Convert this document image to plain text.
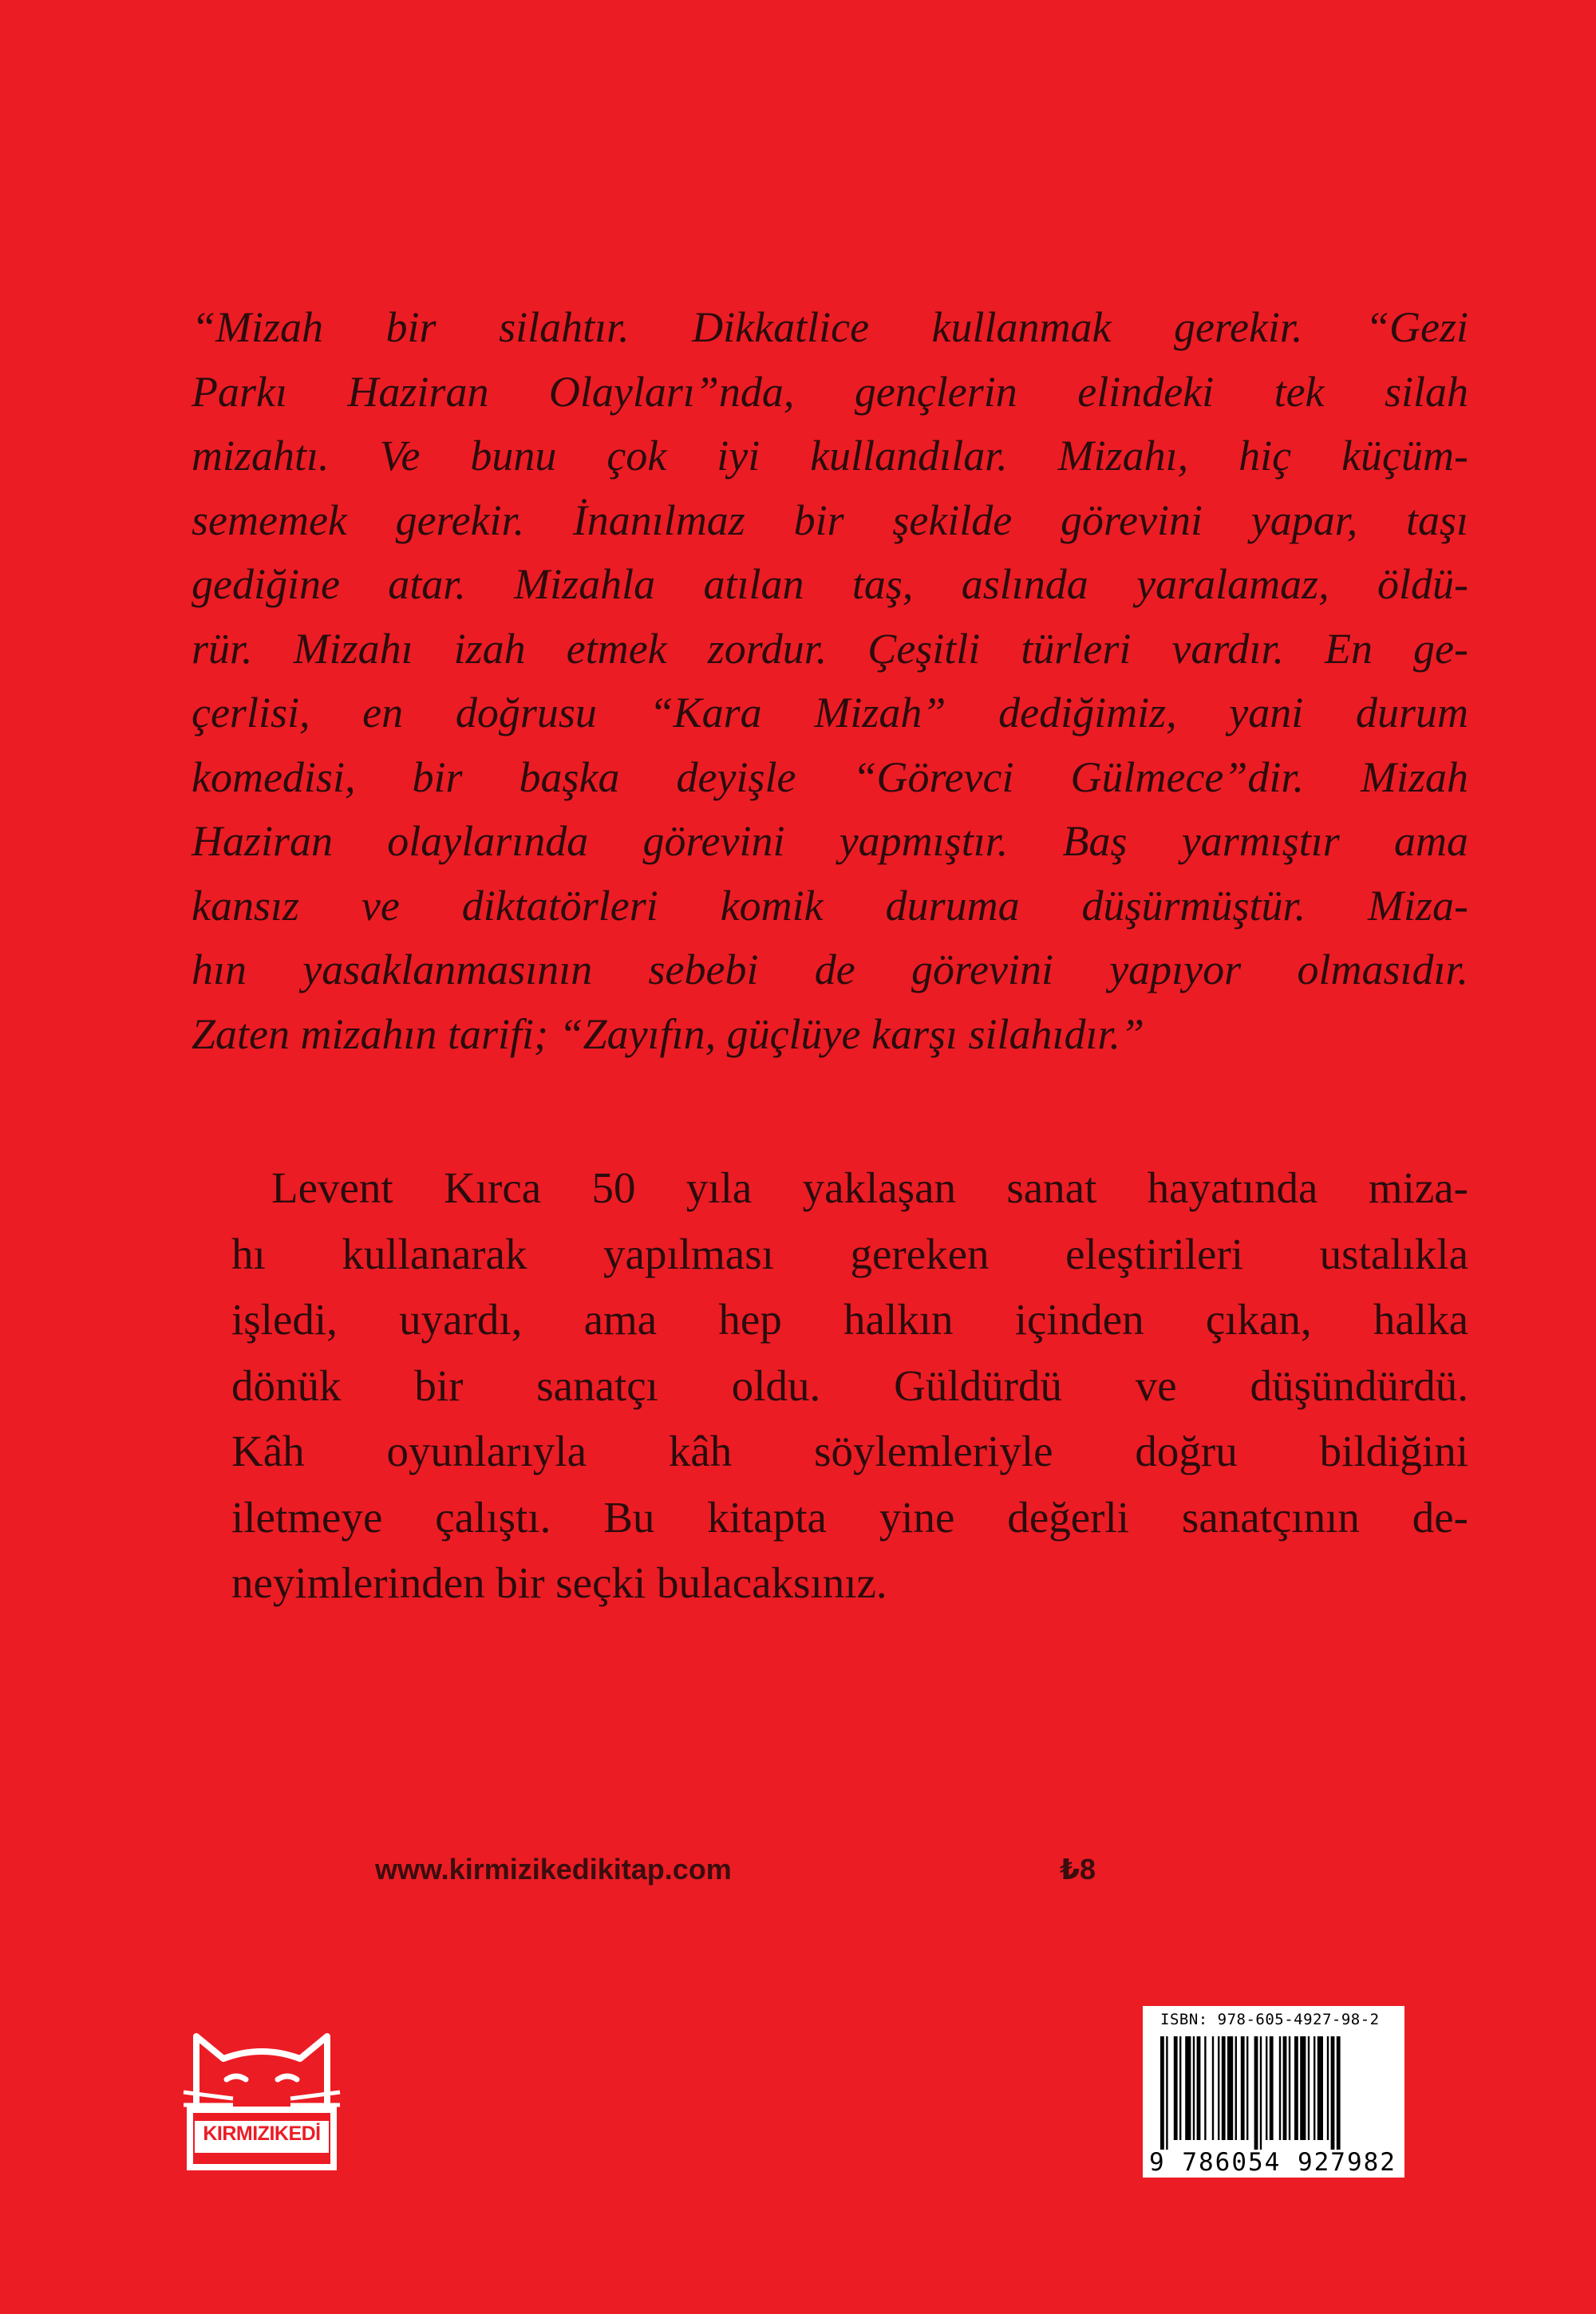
“Mizah bir silahtır. Dikkatlice kullanmak gerekir. “Gezi
Parkı Haziran Olayları”nda, gençlerin elindeki tek silah
mizahtı. Ve bunu çok iyi kullandılar. Mizahı, hiç küçüm-
sememek gerekir. İnanılmaz bir şekilde görevini yapar, taşı
gediğine atar. Mizahla atılan taş, aslında yaralamaz, öldü-
rür. Mizahı izah etmek zordur. Çeşitli türleri vardır. En ge-
çerlisi, en doğrusu “Kara Mizah” dediğimiz, yani durum
komedisi, bir başka deyişle “Görevci Gülmece”dir. Mizah
Haziran olaylarında görevini yapmıştır. Baş yarmıştır ama
kansız ve diktatörleri komik duruma düşürmüştür. Miza-
hın yasaklanmasının sebebi de görevini yapıyor olmasıdır.
Zaten mizahın tarifi; “Zayıfın, güçlüye karşı silahıdır.”
Levent Kırca 50 yıla yaklaşan sanat hayatında miza-
hı kullanarak yapılması gereken eleştirileri ustalıkla
işledi, uyardı, ama hep halkın içinden çıkan, halka
dönük bir sanatçı oldu. Güldürdü ve düşündürdü.
Kâh oyunlarıyla kâh söylemleriyle doğru bildiğini
iletmeye çalıştı. Bu kitapta yine değerli sanatçının de-
neyimlerinden bir seçki bulacaksınız.
KIRMIZIKEDİ
www.kirmizikedikitap.com	₺8
ISBN: 978-605-4927-98-2
9 786054 927982
